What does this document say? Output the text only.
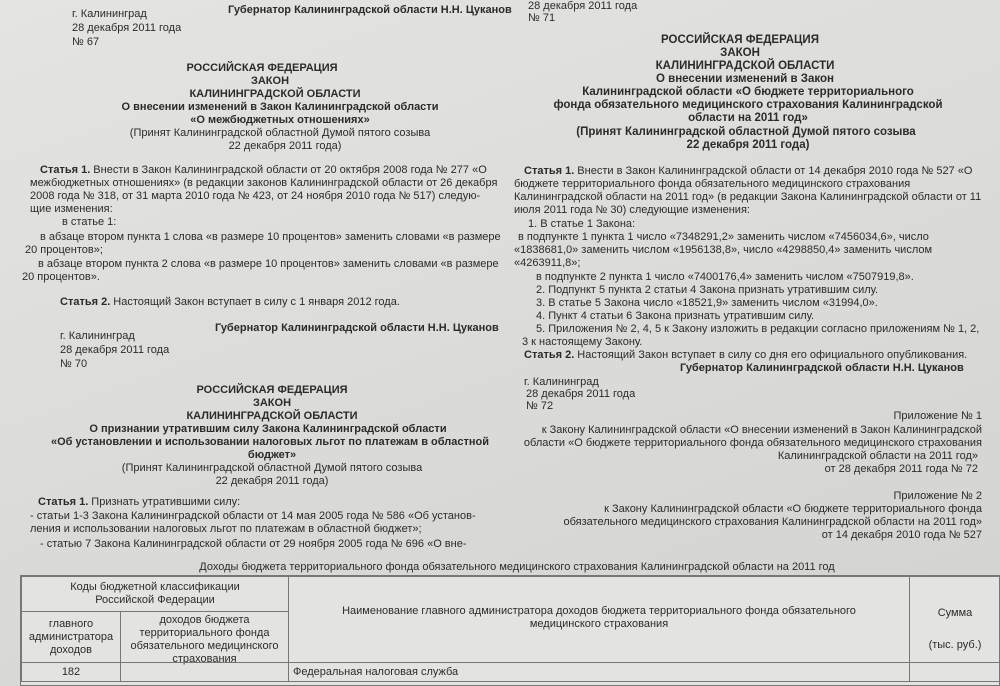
г. Калининград
28 декабря 2011 года
№ 67
Губернатор Калининградской области Н.Н. Цуканов
РОССИЙСКАЯ ФЕДЕРАЦИЯ
ЗАКОН
КАЛИНИНГРАДСКОЙ ОБЛАСТИ
О внесении изменений в Закон Калининградской области
«О межбюджетных отношениях»
(Принят Калининградской областной Думой пятого созыва
22 декабря 2011 года)
Статья 1. Внести в Закон Калининградской области от 20 октября 2008 года № 277 «О
межбюджетных отношениях» (в редакции законов Калининградской области от 26 декабря
2008 года № 318, от 31 марта 2010 года № 423, от 24 ноября 2010 года № 517) следую-
щие изменения:
в статье 1:
в абзаце втором пункта 1 слова «в размере 10 процентов» заменить словами «в размере
20 процентов»;
в абзаце втором пункта 2 слова «в размере 10 процентов» заменить словами «в размере
20 процентов».
Статья 2. Настоящий Закон вступает в силу с 1 января 2012 года.
Губернатор Калининградской области Н.Н. Цуканов
г. Калининград
28 декабря 2011 года
№ 70
РОССИЙСКАЯ ФЕДЕРАЦИЯ
ЗАКОН
КАЛИНИНГРАДСКОЙ ОБЛАСТИ
О признании утратившим силу Закона Калининградской области
«Об установлении и использовании налоговых льгот по платежам в областной
бюджет»
(Принят Калининградской областной Думой пятого созыва
22 декабря 2011 года)
Статья 1. Признать утратившими силу:
- статьи 1-3 Закона Калининградской области от 14 мая 2005 года № 586 «Об установ-
ления и использовании налоговых льгот по платежам в областной бюджет»;
- статью 7 Закона Калининградской области от 29 ноября 2005 года № 696 «О вне-
28 декабря 2011 года
№ 71
РОССИЙСКАЯ ФЕДЕРАЦИЯ
ЗАКОН
КАЛИНИНГРАДСКОЙ ОБЛАСТИ
О внесении изменений в Закон
Калининградской области «О бюджете территориального
фонда обязательного медицинского страхования Калининградской
области на 2011 год»
(Принят Калининградской областной Думой пятого созыва
22 декабря 2011 года)
Статья 1. Внести в Закон Калининградской области от 14 декабря 2010 года № 527 «О
бюджете территориального фонда обязательного медицинского страхования
Калининградской области на 2011 год» (в редакции Закона Калининградской области от 11
июля 2011 года № 30) следующие изменения:
1. В статье 1 Закона:
в подпункте 1 пункта 1 число «7348291,2» заменить числом «7456034,6», число
«1838681,0» заменить числом «1956138,8», число «4298850,4» заменить числом
«4263911,8»;
в подпункте 2 пункта 1 число «7400176,4» заменить числом «7507919,8».
2. Подпункт 5 пункта 2 статьи 4 Закона признать утратившим силу.
3. В статье 5 Закона число «18521,9» заменить числом «31994,0».
4. Пункт 4 статьи 6 Закона признать утратившим силу.
5. Приложения № 2, 4, 5 к Закону изложить в редакции согласно приложениям № 1, 2,
3 к настоящему Закону.
Статья 2. Настоящий Закон вступает в силу со дня его официального опубликования.
Губернатор Калининградской области Н.Н. Цуканов
г. Калининград
28 декабря 2011 года
№ 72
Приложение № 1
к Закону Калининградской области «О внесении изменений в Закон Калининградской
области «О бюджете территориального фонда обязательного медицинского страхования
Калининградской области на 2011 год»
от 28 декабря 2011 года № 72
Приложение № 2
к Закону Калининградской области «О бюджете территориального фонда
обязательного медицинского страхования Калининградской области на 2011 год»
от 14 декабря 2010 года № 527
Доходы бюджета территориального фонда обязательного медицинского страхования Калининградской области на 2011 год
Коды бюджетной классификации Российской Федерации
главного администратора доходов
доходов бюджета территориального фонда обязательного медицинского страхования
Наименование главного администратора доходов бюджета территориального фонда обязательного медицинского страхования
Сумма
(тыс. руб.)
182	Федеральная налоговая служба
